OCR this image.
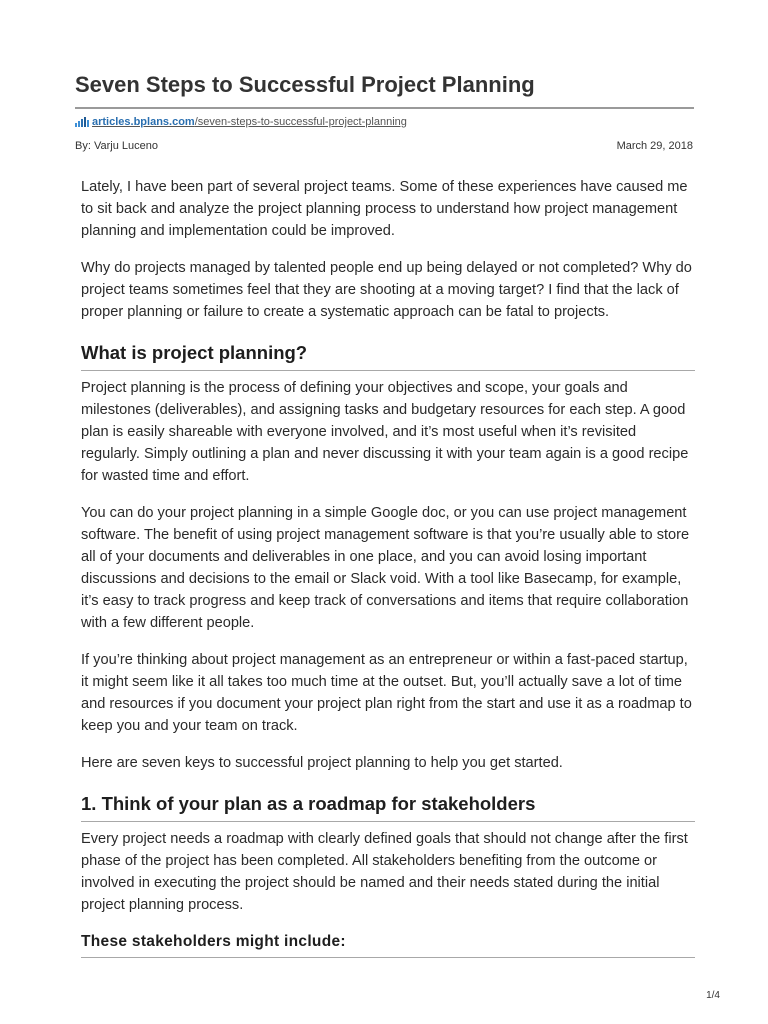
Seven Steps to Successful Project Planning
articles.bplans.com/seven-steps-to-successful-project-planning
By: Varju Luceno	March 29, 2018

Lately, I have been part of several project teams. Some of these experiences have caused me to sit back and analyze the project planning process to understand how project management planning and implementation could be improved.

Why do projects managed by talented people end up being delayed or not completed? Why do project teams sometimes feel that they are shooting at a moving target? I find that the lack of proper planning or failure to create a systematic approach can be fatal to projects.

What is project planning?

Project planning is the process of defining your objectives and scope, your goals and milestones (deliverables), and assigning tasks and budgetary resources for each step. A good plan is easily shareable with everyone involved, and it’s most useful when it’s revisited regularly. Simply outlining a plan and never discussing it with your team again is a good recipe for wasted time and effort.

You can do your project planning in a simple Google doc, or you can use project management software. The benefit of using project management software is that you’re usually able to store all of your documents and deliverables in one place, and you can avoid losing important discussions and decisions to the email or Slack void. With a tool like Basecamp, for example, it’s easy to track progress and keep track of conversations and items that require collaboration with a few different people.

If you’re thinking about project management as an entrepreneur or within a fast-paced startup, it might seem like it all takes too much time at the outset. But, you’ll actually save a lot of time and resources if you document your project plan right from the start and use it as a roadmap to keep you and your team on track.

Here are seven keys to successful project planning to help you get started.

1. Think of your plan as a roadmap for stakeholders

Every project needs a roadmap with clearly defined goals that should not change after the first phase of the project has been completed. All stakeholders benefiting from the outcome or involved in executing the project should be named and their needs stated during the initial project planning process.

These stakeholders might include:
1/4
